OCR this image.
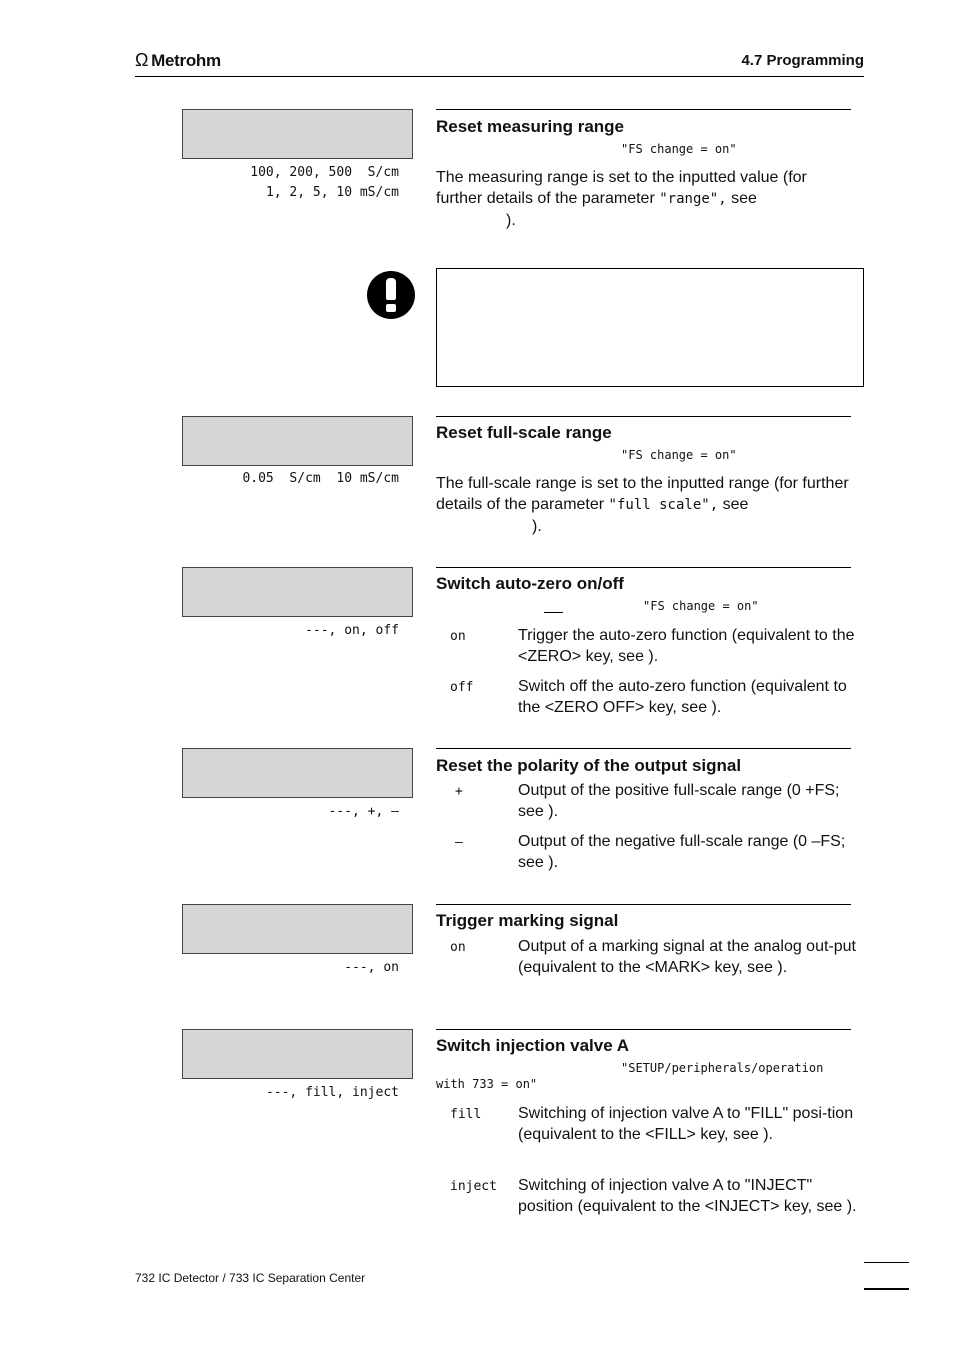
Ω Metrohm	4.7 Programming
100, 200, 500  S/cm
1, 2, 5, 10 mS/cm
Reset measuring range
"FS change = on"
The measuring range is set to the inputted value (for further details of the parameter "range", see
).
0.05  S/cm  10 mS/cm
Reset full-scale range
"FS change = on"
The full-scale range is set to the inputted range (for further details of the parameter "full scale", see
).
---, on, off
Switch auto-zero on/off
"FS change = on"
on	Trigger the auto-zero function (equivalent to the <ZERO> key, see ).
off	Switch off the auto-zero function (equivalent to the <ZERO OFF> key, see ).
---, +, –
Reset the polarity of the output signal
+	Output of the positive full-scale range (0 +FS; see ).
–	Output of the negative full-scale range (0 –FS; see ).
---, on
Trigger marking signal
on	Output of a marking signal at the analog out-put (equivalent to the <MARK> key, see ).
---, fill, inject
Switch injection valve A
"SETUP/peripherals/operation
with 733 = on"
fill Switching of injection valve A to "FILL" posi-tion (equivalent to the <FILL> key, see ).
inject Switching of injection valve A to "INJECT" position (equivalent to the <INJECT> key, see ).
732 IC Detector / 733 IC Separation Center
